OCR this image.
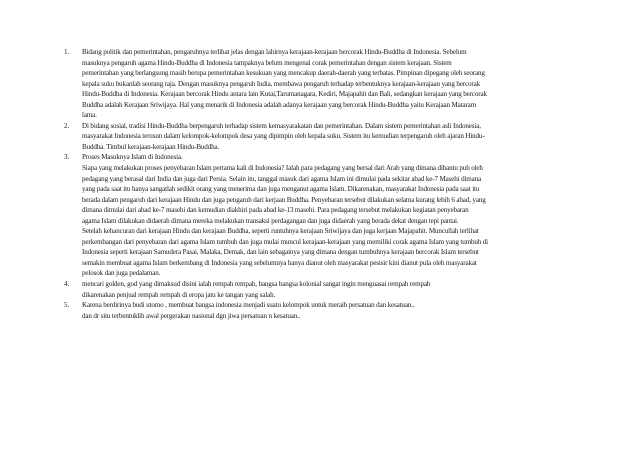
1. Bidang politik dan pemerintahan, pengaruhnya terlihat jelas dengan lahirnya kerajaan-kerajaan bercorak Hindu-Buddha di Indonesia. Sebelum
masuknya pengaruh agama Hindu-Buddha di Indonesia tampaknya belum mengenal corak pemerintahan dengan sistem kerajaan. Sistem
pemerintahan yang berlangsung masih berupa pemerintahan kesukuan yang mencakup daerah-daerah yang terbatas. Pimpinan dipegang oleh seorang
kepala suku bukanlah seorang raja. Dengan masuknya pengaruh India, membawa pengaruh terhadap terbentuknya kerajaan-kerajaan yang bercorak
Hindu-Buddha di Indonesia. Kerajaan bercorak Hindu antara lain Kutai,Tarumanagara, Kediri, Majapahit dan Bali, sedangkan kerajaan yang bercorak
Buddha adalah Kerajaan Sriwijaya. Hal yang menarik di Indonesia adalah adanya kerajaan yang bercorak Hindu-Buddha yaitu Kerajaan Mataram
lama.
2. Di bidang sosial, tradisi Hindu-Buddha berpengaruh terhadap sistem kemasyarakatan dan pemerintahan. Dalam sistem pemerintahan asli Indonesia,
masyarakat Indonesia terusun dalam kelompok-kelompok desa yang dipimpin oleh kepala suku. Sistem itu kemudian terpengaruh oleh ajaran Hindu-
Buddha. Timbul kerajaan-kerajaan Hindu-Buddha.
3. Proses Masuknya Islam di Indonesia.
Siapa yang melakukan proses penyebaran Islam pertama kali di Indonesia? Ialah para pedagang yang bersal dari Arab yang dimana dibantu puh oleh
pedagang yang berasal dari India dan juga dari Persia. Selain itu, tanggal masuk dari agama Islam ini dimulai pada sekitar abad ke-7 Masehi dimana
yang pada saat itu hanya sangatlah sedikit orang yang menerima dan juga menganut agama Islam. Dikarenakan, masyarakat Indonesia pada saat itu
berada dalam pengaruh dari kerajaan Hindu dan juga pengaruh dari kerjaan Buddha. Penyebaran tersebut dilakukan selama kurang lebih 6 abad, yang
dimana dimulai dari abad ke-7 masehi dan kemudian diakhiri pada abad ke-13 masehi. Para pedagang tersebut melakukan kegiatan penyebaran
agama Islam dilakukan didaerah dimana mereka melakukan transaksi perdagangan dan juga didaerah yang berada dekat dengan tepi pantai.
Setelah kehancuran dari kerajaan Hindu dan kerajaan Buddha, seperti runtuhnya kerajaan Sriwijaya dan juga kerjaan Majapahit. Muncullah terlihat
perkembangan dari penyebaran dari agama Islam tumbuh dan juga mulai muncul kerajaan-kerajaan yang memiliki corak agama Islam yang tumbuh di
Indonesia seperti kerajaan Samudera Pasai, Malaka, Demak, dan lain sebagainya yang dimana dengan tumbuhnya kerajaan bercorak Islam tersebut
semakin membuat agama Islam berkembang di Indonesia yang sebelumnya hanya dianut oleh masyarakat pesisir kini dianut pula oleh masyarakat
pelosok dan juga pedalaman.
4. mencari golden, god yang dimaksud disini ialah rempah rempah, bangsa bangsa kolonial sangat ingin menguasai rempah rempah
dikarenakan penjual rempah rempah di eropa jatu ke tangan yang salah.
5. Karena berdirinya budi utomo , membuat bangsa indonesia menjadi suatu kelompok untuk meraih persatuan dan kesatuan..
dan dr situ terbentuklih awal pergerakan nasional dgn jiwa persatuan n kesatuan..
